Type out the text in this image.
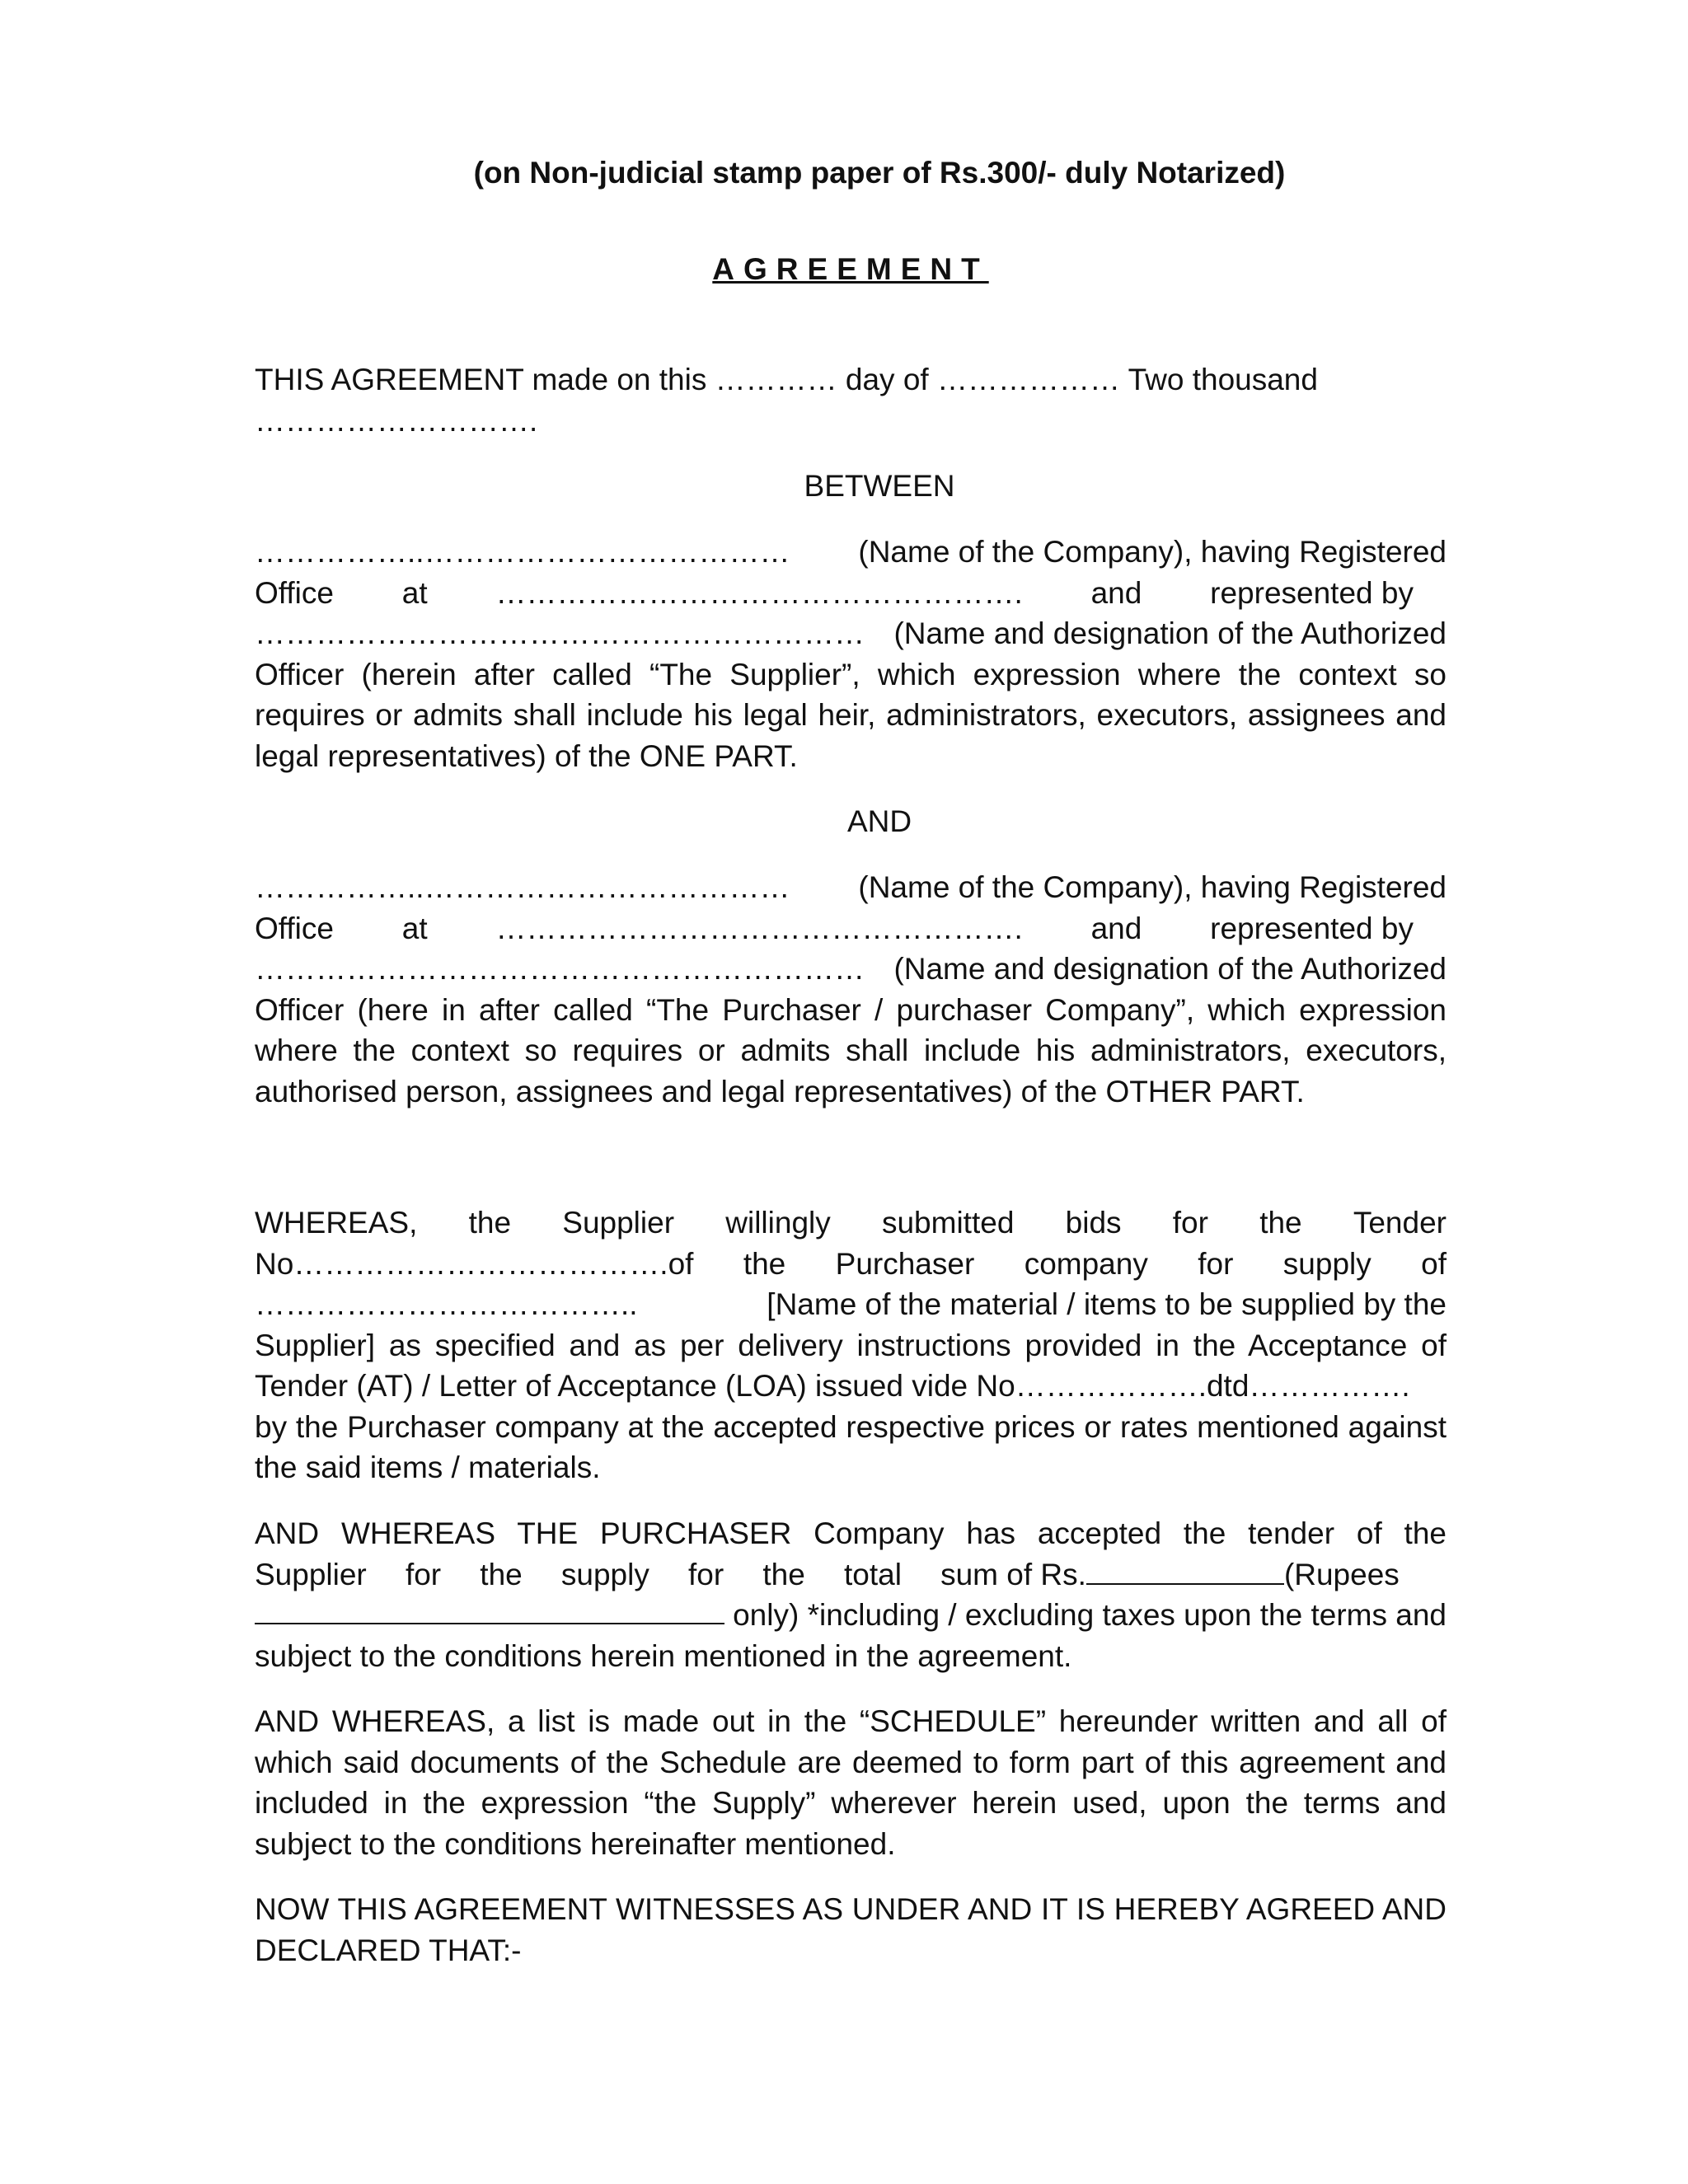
(on Non-judicial stamp paper of Rs.300/- duly Notarized)
AGREEMENT
THIS AGREEMENT made on this ………… day of ……………… Two thousand
……………………….
BETWEEN
……………..……………………………… (Name of the Company), having Registered
Office at ……………………………………………. and represented by
…………………………………………………… (Name and designation of the Authorized
Officer (herein after called “The Supplier”, which expression where the context so requires or admits shall include his legal heir, administrators, executors, assignees and legal representatives) of the ONE PART.
AND
……………..……………………………… (Name of the Company), having Registered
Office at ……………………………………………. and represented by
…………………………………………………… (Name and designation of the Authorized
Officer (here in after called “The Purchaser / purchaser Company”, which expression where the context so requires or admits shall include his administrators, executors, authorised person, assignees and legal representatives) of the OTHER PART.
WHEREAS, the Supplier willingly submitted bids for the Tender
No……………………………….of the Purchaser company for supply of
………………………………..	[Name of the material / items to be supplied by the
Supplier] as specified and as per delivery instructions provided in the Acceptance of
Tender (AT) / Letter of Acceptance (LOA) issued vide No……………….dtd…………….
by the Purchaser company at the accepted respective prices or rates mentioned against the said items / materials.
AND WHEREAS THE PURCHASER Company has accepted the tender of the
Supplier for the supply for the total sum of Rs.	(Rupees
only) *including / excluding taxes upon the terms and
subject to the conditions herein mentioned in the agreement.
AND WHEREAS, a list is made out in the “SCHEDULE” hereunder written and all of which said documents of the Schedule are deemed to form part of this agreement and included in the expression “the Supply” wherever herein used, upon the terms and subject to the conditions hereinafter mentioned.
NOW THIS AGREEMENT WITNESSES AS UNDER AND IT IS HEREBY AGREED AND DECLARED THAT:-
